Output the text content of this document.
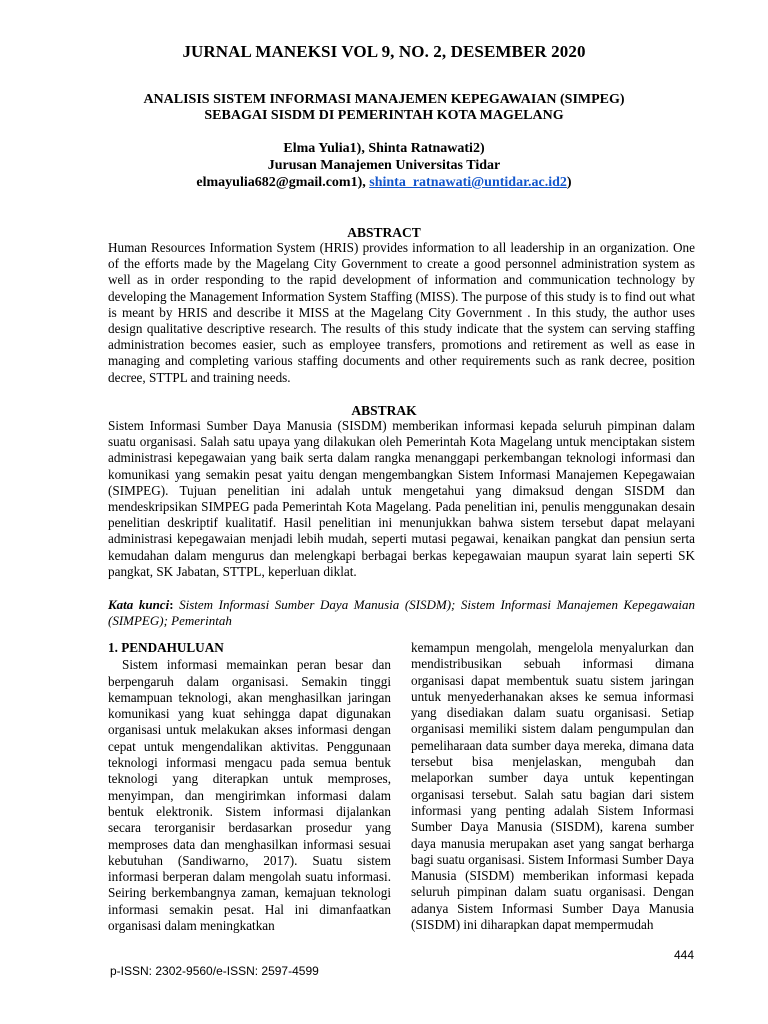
JURNAL MANEKSI VOL 9, NO. 2, DESEMBER 2020
ANALISIS SISTEM INFORMASI MANAJEMEN KEPEGAWAIAN (SIMPEG)
SEBAGAI SISDM DI PEMERINTAH KOTA MAGELANG
Elma Yulia1), Shinta Ratnawati2)
Jurusan Manajemen Universitas Tidar
elmayulia682@gmail.com1), shinta_ratnawati@untidar.ac.id2)
ABSTRACT
Human Resources Information System (HRIS) provides information to all leadership in an organization. One of the efforts made by the Magelang City Government to create a good personnel administration system as well as in order responding to the rapid development of information and communication technology by developing the Management Information System Staffing (MISS). The purpose of this study is to find out what is meant by HRIS and describe it MISS at the Magelang City Government . In this study, the author uses design qualitative descriptive research. The results of this study indicate that the system can serving staffing administration becomes easier, such as employee transfers, promotions and retirement as well as ease in managing and completing various staffing documents and other requirements such as rank decree, position decree, STTPL and training needs.
ABSTRAK
Sistem Informasi Sumber Daya Manusia (SISDM) memberikan informasi kepada seluruh pimpinan dalam suatu organisasi. Salah satu upaya yang dilakukan oleh Pemerintah Kota Magelang untuk menciptakan sistem administrasi kepegawaian yang baik serta dalam rangka menanggapi perkembangan teknologi informasi dan komunikasi yang semakin pesat yaitu dengan mengembangkan Sistem Informasi Manajemen Kepegawaian (SIMPEG). Tujuan penelitian ini adalah untuk mengetahui yang dimaksud dengan SISDM dan mendeskripsikan SIMPEG pada Pemerintah Kota Magelang. Pada penelitian ini, penulis menggunakan desain penelitian deskriptif kualitatif. Hasil penelitian ini menunjukkan bahwa sistem tersebut dapat melayani administrasi kepegawaian menjadi lebih mudah, seperti mutasi pegawai, kenaikan pangkat dan pensiun serta kemudahan dalam mengurus dan melengkapi berbagai berkas kepegawaian maupun syarat lain seperti SK pangkat, SK Jabatan, STTPL, keperluan diklat.
Kata kunci: Sistem Informasi Sumber Daya Manusia (SISDM); Sistem Informasi Manajemen Kepegawaian (SIMPEG); Pemerintah
1. PENDAHULUAN

Sistem informasi memainkan peran besar dan berpengaruh dalam organisasi. Semakin tinggi kemampuan teknologi, akan menghasilkan jaringan komunikasi yang kuat sehingga dapat digunakan organisasi untuk melakukan akses informasi dengan cepat untuk mengendalikan aktivitas. Penggunaan teknologi informasi mengacu pada semua bentuk teknologi yang diterapkan untuk memproses, menyimpan, dan mengirimkan informasi dalam bentuk elektronik. Sistem informasi dijalankan secara terorganisir berdasarkan prosedur yang memproses data dan menghasilkan informasi sesuai kebutuhan (Sandiwarno, 2017). Suatu sistem informasi berperan dalam mengolah suatu informasi. Seiring berkembangnya zaman, kemajuan teknologi informasi semakin pesat. Hal ini dimanfaatkan organisasi dalam meningkatkan

kemampun mengolah, mengelola menyalurkan dan mendistribusikan sebuah informasi dimana organisasi dapat membentuk suatu sistem jaringan untuk menyederhanakan akses ke semua informasi yang disediakan dalam suatu organisasi. Setiap organisasi memiliki sistem dalam pengumpulan dan pemeliharaan data sumber daya mereka, dimana data tersebut bisa menjelaskan, mengubah dan melaporkan sumber daya untuk kepentingan organisasi tersebut. Salah satu bagian dari sistem informasi yang penting adalah Sistem Informasi Sumber Daya Manusia (SISDM), karena sumber daya manusia merupakan aset yang sangat berharga bagi suatu organisasi. Sistem Informasi Sumber Daya Manusia (SISDM) memberikan informasi kepada seluruh pimpinan dalam suatu organisasi. Dengan adanya Sistem Informasi Sumber Daya Manusia (SISDM) ini diharapkan dapat mempermudah

444
p-ISSN: 2302-9560/e-ISSN: 2597-4599
